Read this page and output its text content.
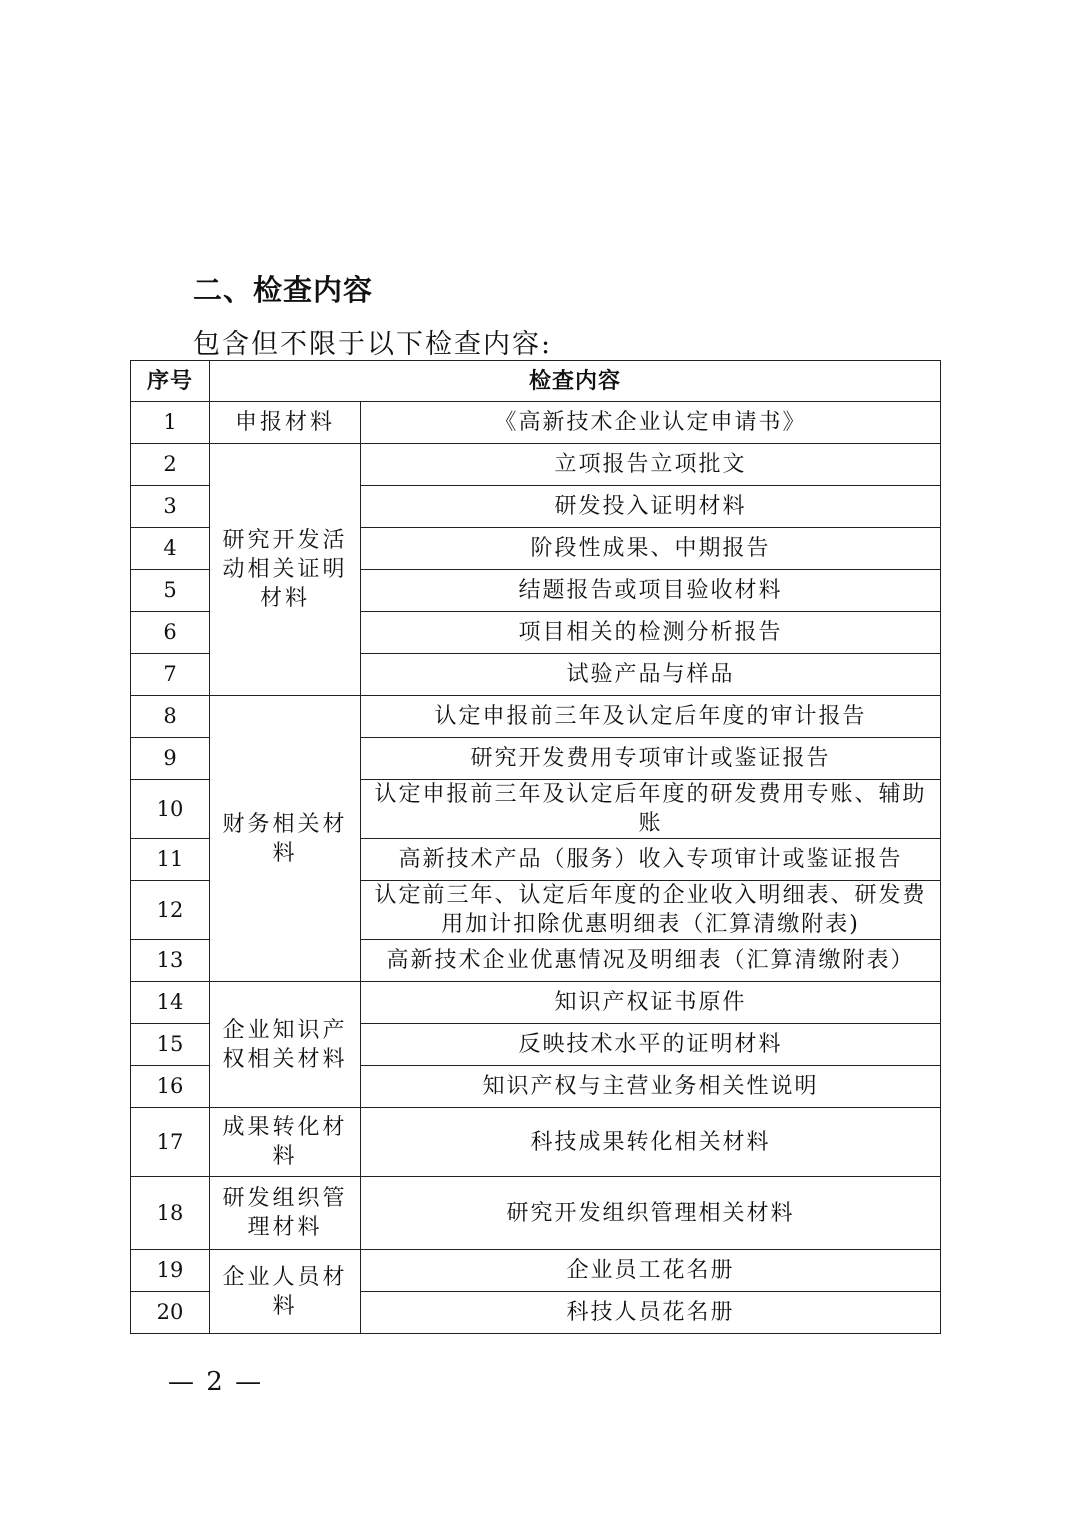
二、检查内容

包含但不限于以下检查内容:

序号	检查内容	
1	申报材料	《高新技术企业认定申请书》
2	研究开发活动相关证明材料	立项报告立项批文
3		研发投入证明材料
4		阶段性成果、中期报告
5		结题报告或项目验收材料
6		项目相关的检测分析报告
7		试验产品与样品
8	财务相关材料	认定申报前三年及认定后年度的审计报告
9		研究开发费用专项审计或鉴证报告
10		认定申报前三年及认定后年度的研发费用专账、辅助账
11		高新技术产品（服务）收入专项审计或鉴证报告
12		认定前三年、认定后年度的企业收入明细表、研发费用加计扣除优惠明细表（汇算清缴附表)
13		高新技术企业优惠情况及明细表（汇算清缴附表）
14	企业知识产权相关材料	知识产权证书原件
15		反映技术水平的证明材料
16		知识产权与主营业务相关性说明
17	成果转化材料	科技成果转化相关材料
18	研发组织管理材料	研究开发组织管理相关材料
19	企业人员材料	企业员工花名册
20		科技人员花名册

— 2 —
